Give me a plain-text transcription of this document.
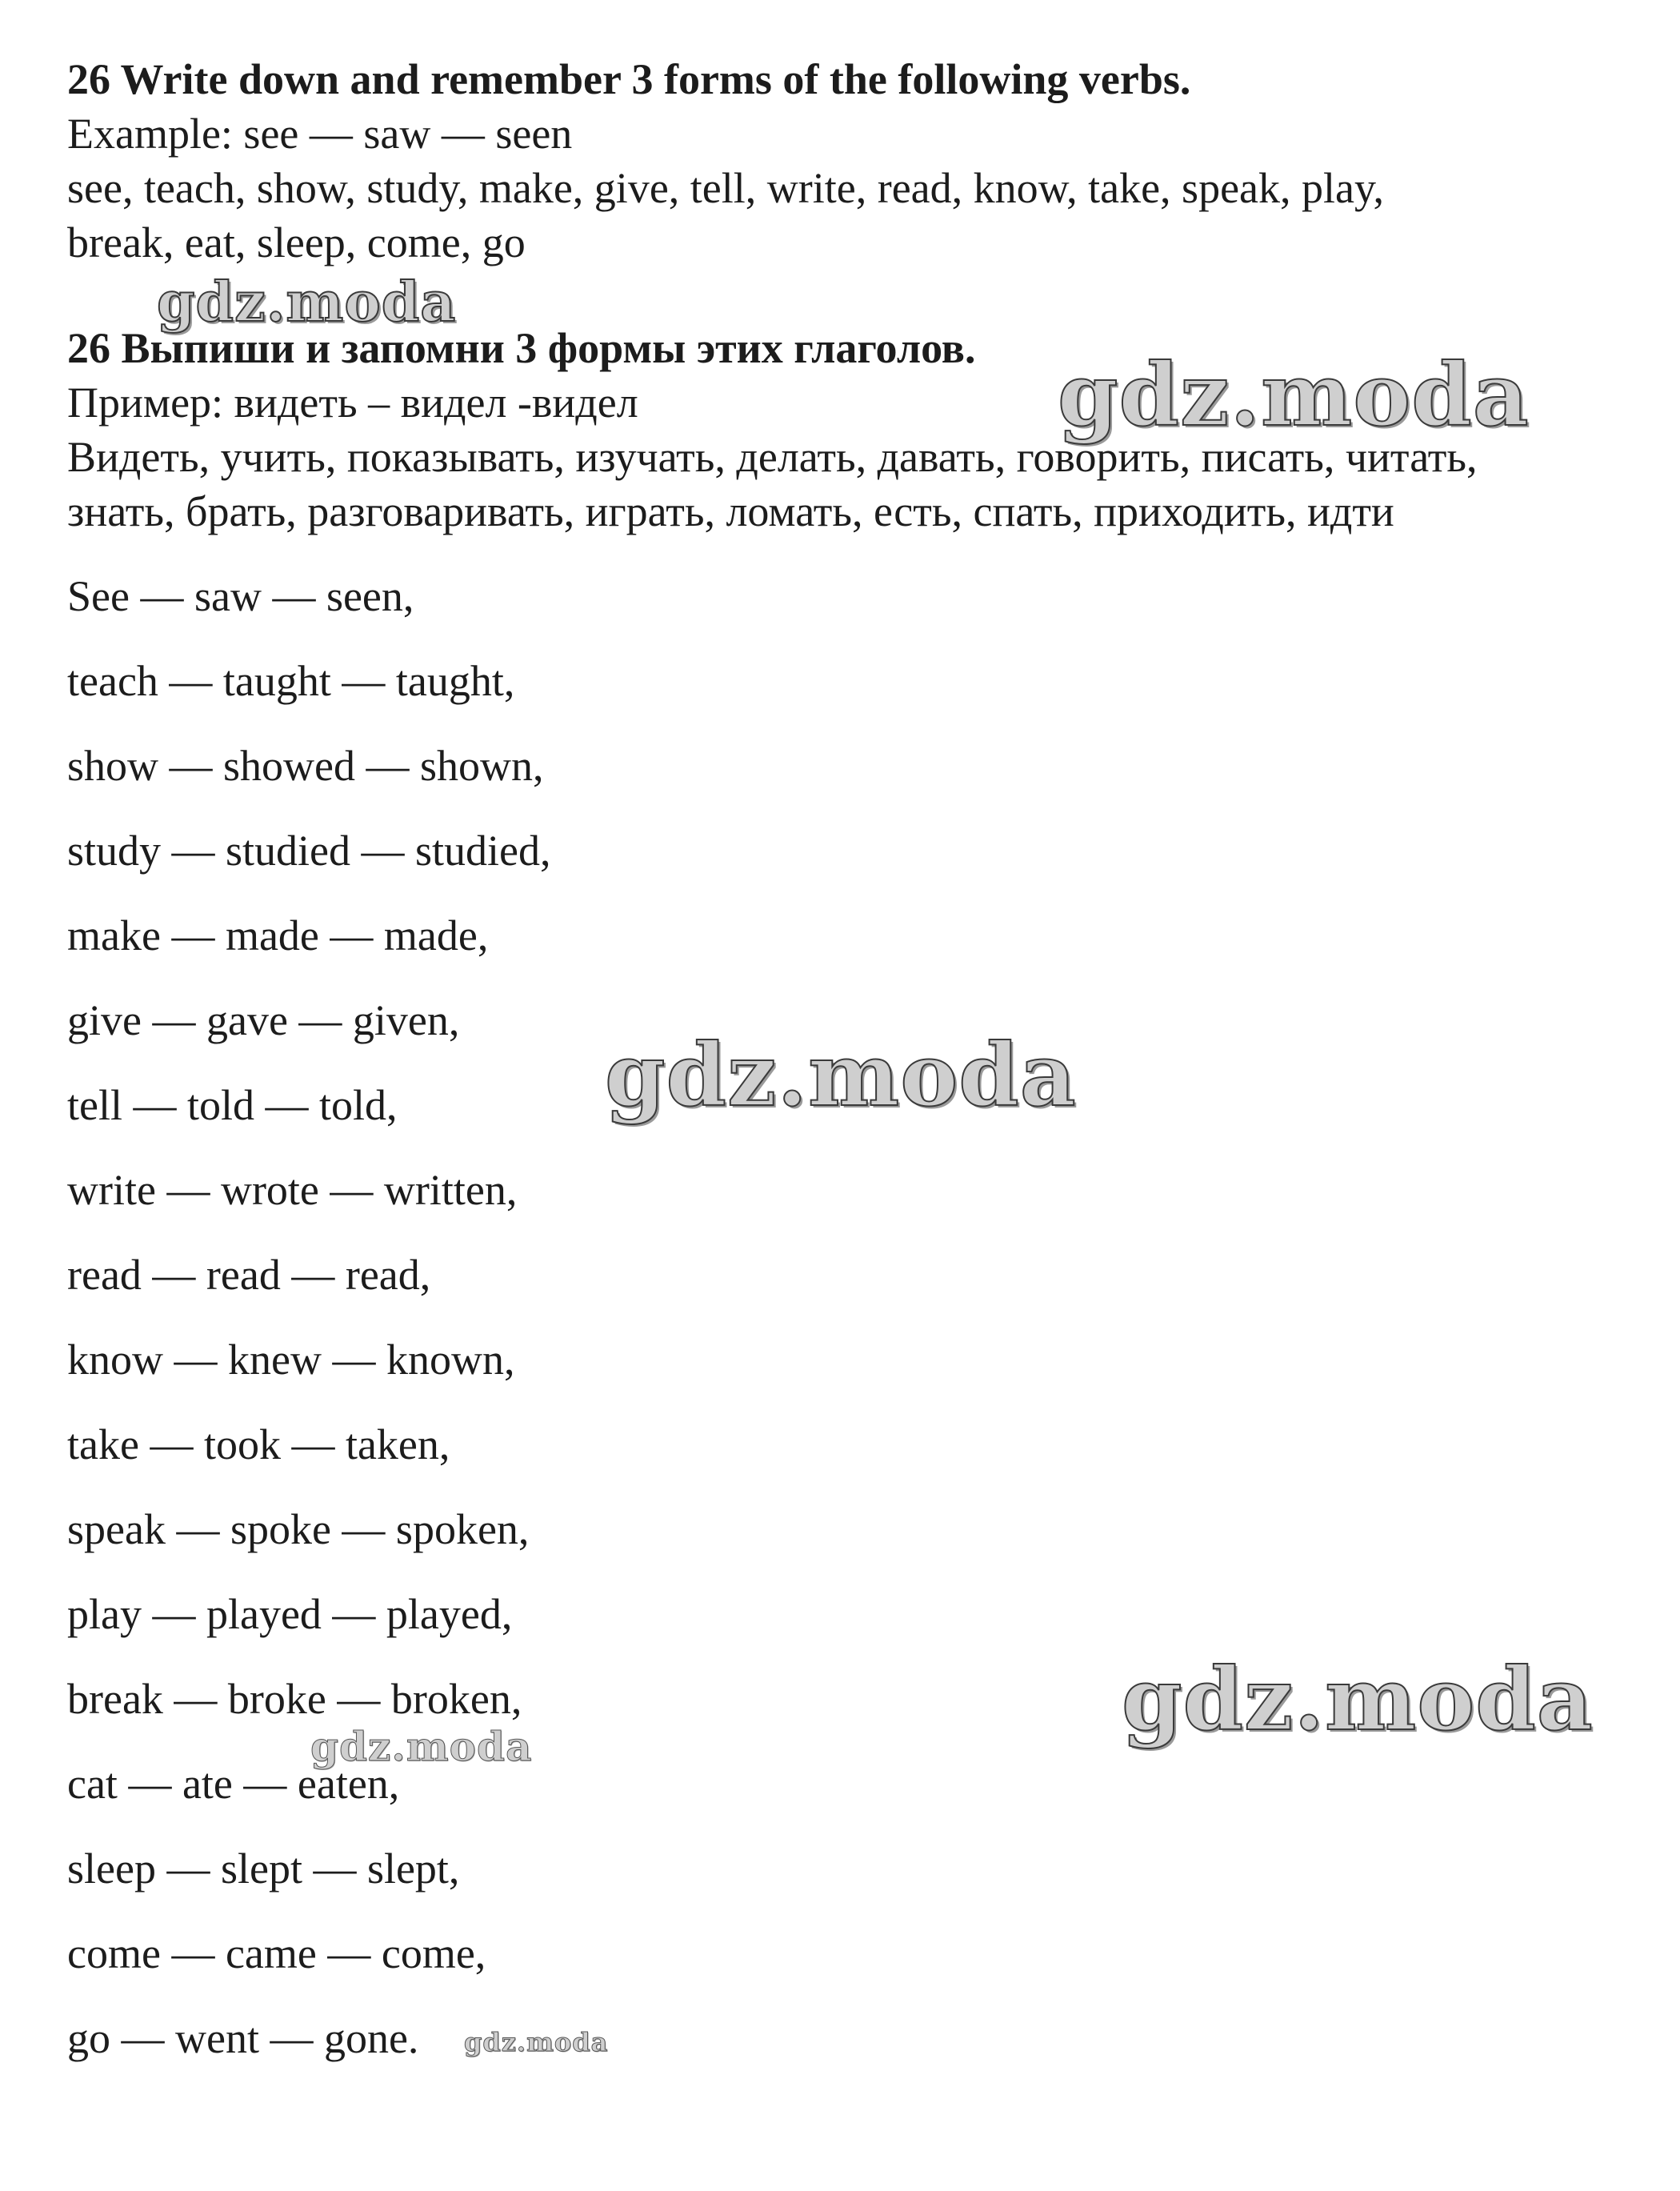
26 Write down and remember 3 forms of the following verbs.
Example: see — saw — seen
see, teach, show, study, make, give, tell, write, read, know, take, speak, play,
break, eat, sleep, come, go
26 Выпиши и запомни 3 формы этих глаголов.
Пример: видеть – видел -видел
Видеть, учить, показывать, изучать, делать, давать, говорить, писать, читать,
знать, брать, разговаривать, играть, ломать, есть, спать, приходить, идти
See — saw — seen,
teach — taught — taught,
show — showed — shown,
study — studied — studied,
make — made — made,
give — gave — given,
tell — told — told,
write — wrote — written,
read — read — read,
know — knew — known,
take — took — taken,
speak — spoke — spoken,
play — played — played,
break — broke — broken,
cat — ate — eaten,
sleep — slept — slept,
come — came — come,
go — went — gone.
gdz.moda
gdz.moda
gdz.moda
gdz.moda
gdz.moda
gdz.moda
